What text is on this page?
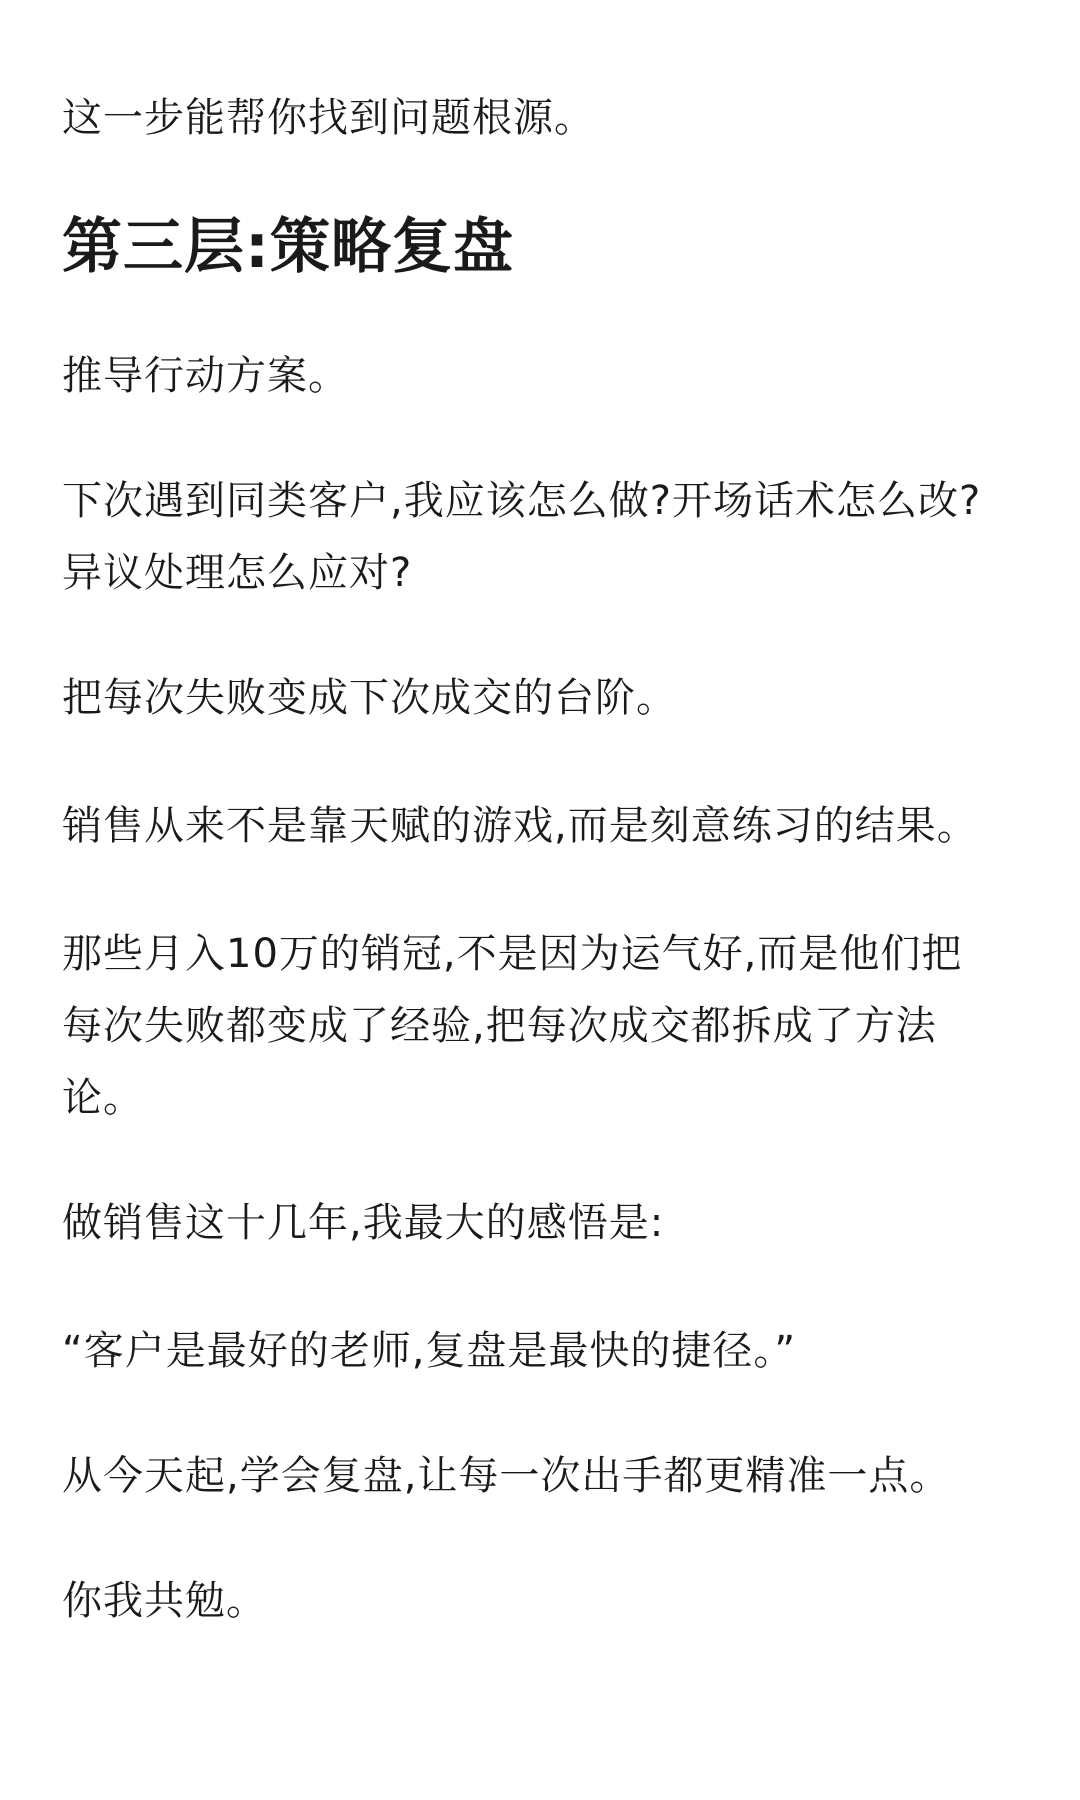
这一步能帮你找到问题根源。

第三层:策略复盘

推导行动方案。

下次遇到同类客户,我应该怎么做?开场话术怎么改?

异议处理怎么应对?

把每次失败变成下次成交的台阶。

销售从来不是靠天赋的游戏,而是刻意练习的结果。

那些月入10万的销冠,不是因为运气好,而是他们把

每次失败都变成了经验,把每次成交都拆成了方法

论。

做销售这十几年,我最大的感悟是:

“客户是最好的老师,复盘是最快的捷径。”

从今天起,学会复盘,让每一次出手都更精准一点。

你我共勉。
